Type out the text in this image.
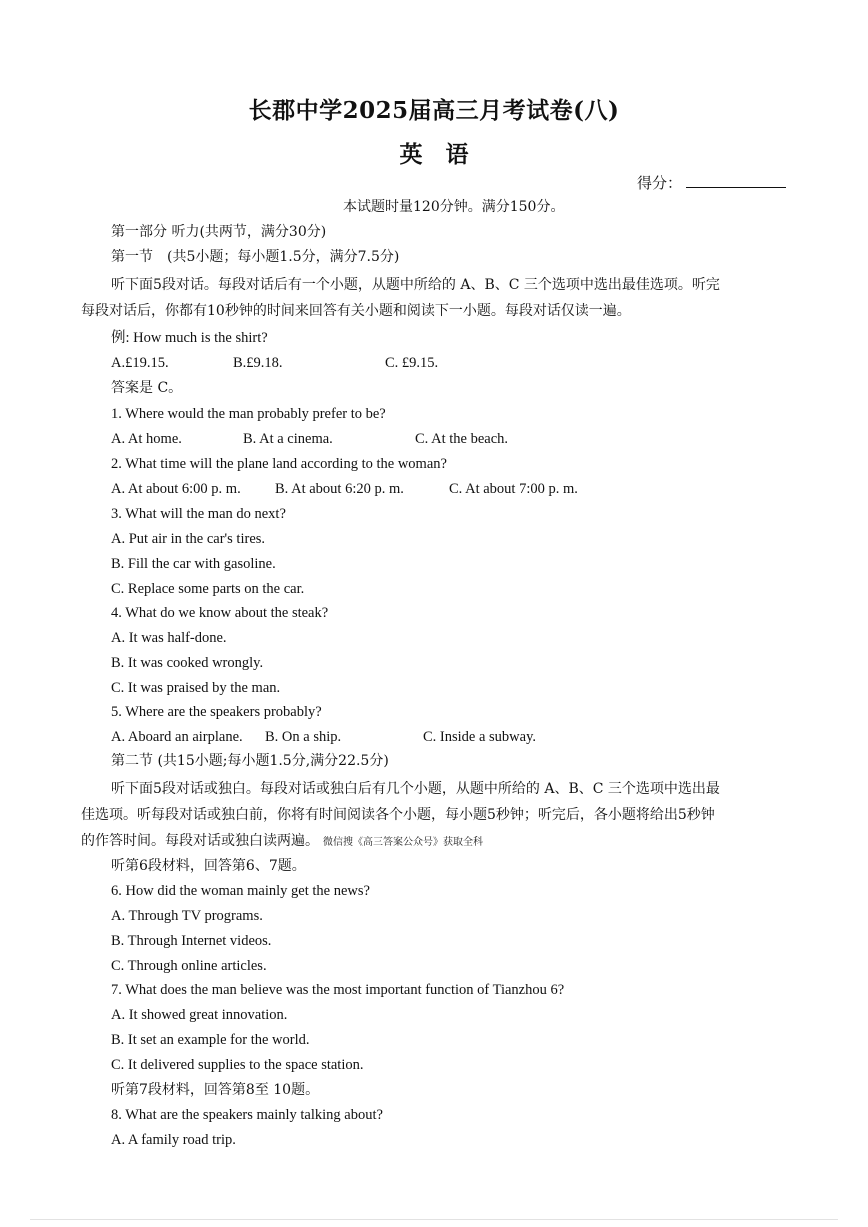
长郡中学2025届高三月考试卷(八)
英　语
得分：
本试题时量120分钟。满分150分。
第一部分 听力(共两节，满分30分)
第一节　(共5小题；每小题1.5分，满分7.5分)
听下面5段对话。每段对话后有一个小题，从题中所给的 A、B、C 三个选项中选出最佳选项。听完
每段对话后，你都有10秒钟的时间来回答有关小题和阅读下一小题。每段对话仅读一遍。
例: How much is the shirt?
A.£19.15.	B.£9.18.	C. £9.15.
答案是 C。
1. Where would the man probably prefer to be?
A. At home.	B. At a cinema.	C. At the beach.
2. What time will the plane land according to the woman?
A. At about 6:00 p. m. B. At about 6:20 p. m.	C. At about 7:00 p. m.
3. What will the man do next?
A. Put air in the car's tires.
B. Fill the car with gasoline.
C. Replace some parts on the car.
4. What do we know about the steak?
A. It was half-done.
B. It was cooked wrongly.
C. It was praised by the man.
5. Where are the speakers probably?
A. Aboard an airplane. B. On a ship.	C. Inside a subway.
第二节 (共15小题;每小题1.5分,满分22.5分)
听下面5段对话或独白。每段对话或独白后有几个小题，从题中所给的 A、B、C 三个选项中选出最
佳选项。听每段对话或独白前，你将有时间阅读各个小题，每小题5秒钟；听完后，各小题将给出5秒钟
的作答时间。每段对话或独白读两遍。 微信搜《高三答案公众号》获取全科
听第6段材料，回答第6、7题。
6. How did the woman mainly get the news?
A. Through TV programs.
B. Through Internet videos.
C. Through online articles.
7. What does the man believe was the most important function of Tianzhou 6?
A. It showed great innovation.
B. It set an example for the world.
C. It delivered supplies to the space station.
听第7段材料，回答第8至 10题。
8. What are the speakers mainly talking about?
A. A family road trip.
